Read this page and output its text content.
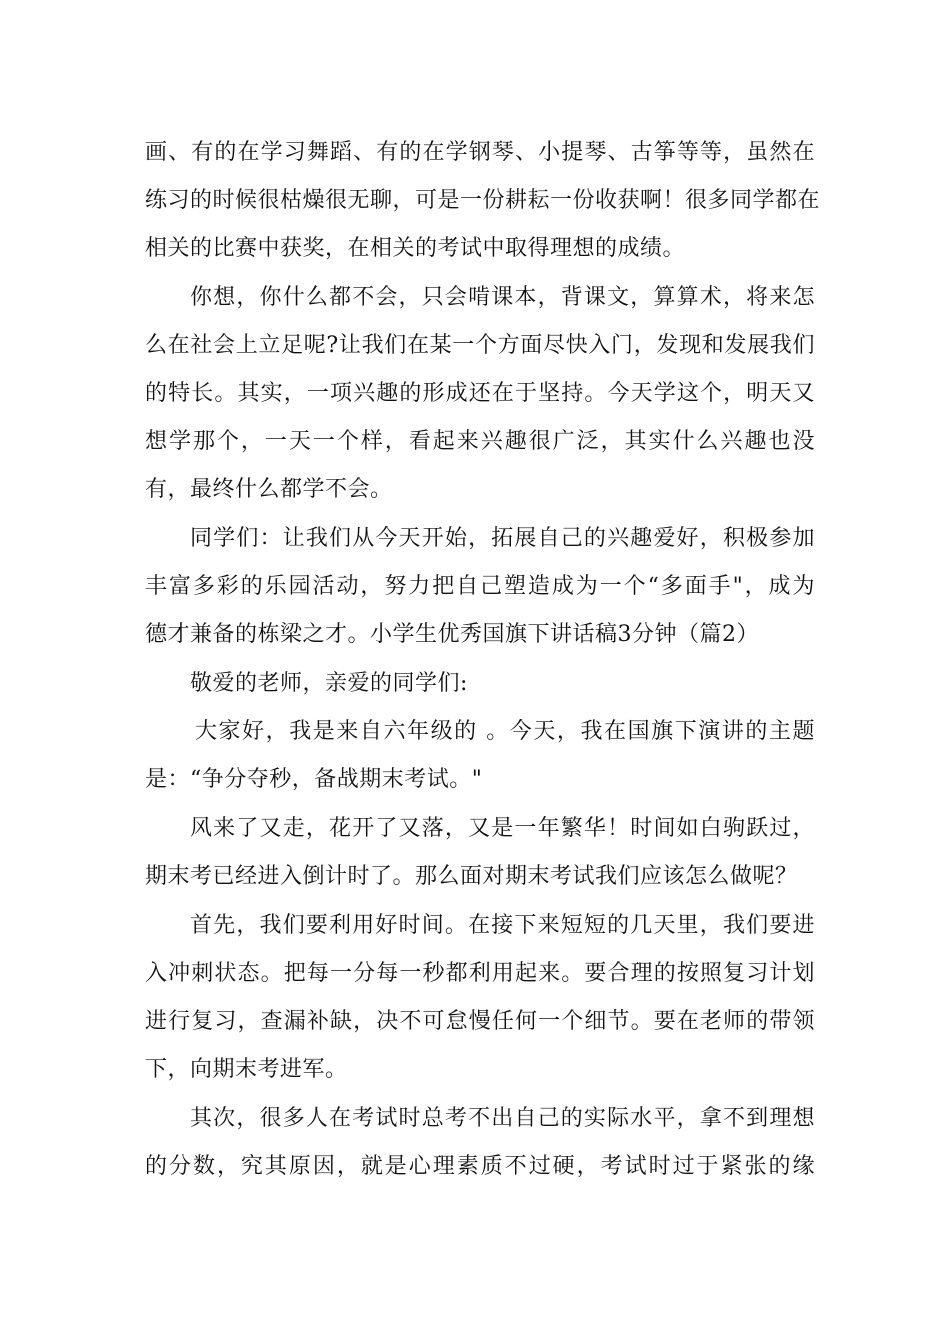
画、有的在学习舞蹈、有的在学钢琴、小提琴、古筝等等，虽然在
练习的时候很枯燥很无聊，可是一份耕耘一份收获啊！很多同学都在
相关的比赛中获奖，在相关的考试中取得理想的成绩。
你想，你什么都不会，只会啃课本，背课文，算算术，将来怎
么在社会上立足呢?让我们在某一个方面尽快入门，发现和发展我们
的特长。其实，一项兴趣的形成还在于坚持。今天学这个，明天又
想学那个，一天一个样，看起来兴趣很广泛，其实什么兴趣也没
有，最终什么都学不会。
同学们：让我们从今天开始，拓展自己的兴趣爱好，积极参加
丰富多彩的乐园活动，努力把自己塑造成为一个“多面手"，成为
德才兼备的栋梁之才。小学生优秀国旗下讲话稿3分钟（篇2）
敬爱的老师，亲爱的同学们:
大家好，我是来自六年级的 。今天，我在国旗下演讲的主题
是：“争分夺秒，备战期末考试。"
风来了又走，花开了又落，又是一年繁华！时间如白驹跃过，
期末考已经进入倒计时了。那么面对期末考试我们应该怎么做呢？
首先，我们要利用好时间。在接下来短短的几天里，我们要进
入冲刺状态。把每一分每一秒都利用起来。要合理的按照复习计划
进行复习，查漏补缺，决不可怠慢任何一个细节。要在老师的带领
下，向期末考进军。
其次，很多人在考试时总考不出自己的实际水平，拿不到理想
的分数，究其原因，就是心理素质不过硬，考试时过于紧张的缘
